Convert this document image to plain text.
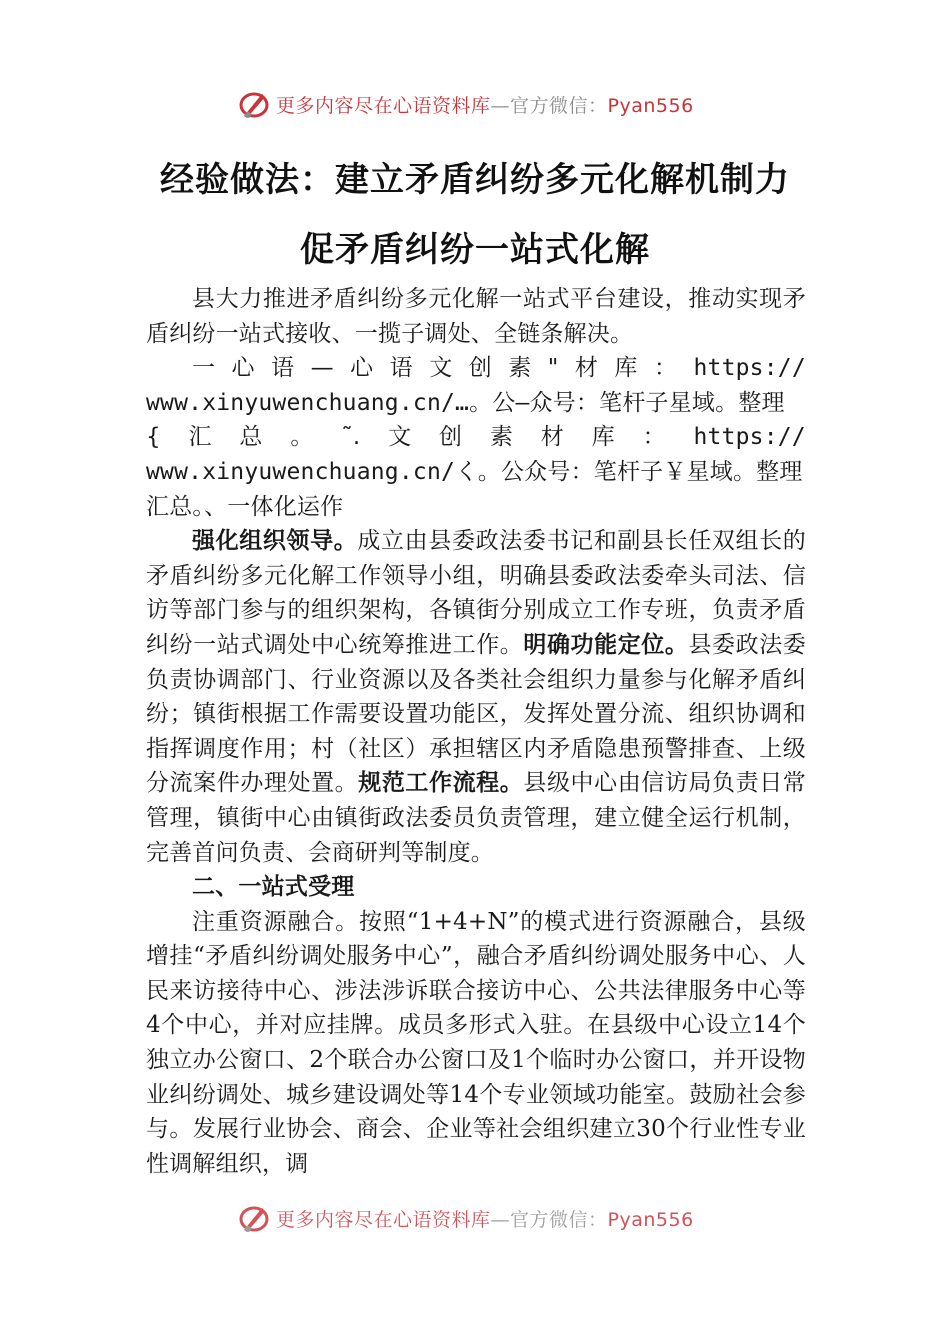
更多内容尽在心语资料库—官方微信：Pyan556
经验做法：建立矛盾纠纷多元化解机制力
促矛盾纠纷一站式化解

县大力推进矛盾纠纷多元化解一站式平台建设，推动实现矛盾纠纷一站式接收、一揽子调处、全链条解决。

一 心 语 — 心 语 文 创 素 " 材 库 ： https://

www.xinyuwenchuang.cn/…。公—众号：笔杆子星域。整理

{ 汇 总 。 ˜. 文 创 素 材 库 ： https://

www.xinyuwenchuang.cn/く。公众号：笔杆子￥星域。整理

汇总。、一体化运作

强化组织领导。成立由县委政法委书记和副县长任双组长的矛盾纠纷多元化解工作领导小组，明确县委政法委牵头司法、信访等部门参与的组织架构，各镇街分别成立工作专班，负责矛盾纠纷一站式调处中心统筹推进工作。明确功能定位。县委政法委负责协调部门、行业资源以及各类社会组织力量参与化解矛盾纠纷；镇街根据工作需要设置功能区，发挥处置分流、组织协调和指挥调度作用；村（社区）承担辖区内矛盾隐患预警排查、上级分流案件办理处置。规范工作流程。县级中心由信访局负责日常管理，镇街中心由镇街政法委员负责管理，建立健全运行机制，完善首问负责、会商研判等制度。

二、一站式受理

注重资源融合。按照“1+4+N”的模式进行资源融合，县级增挂“矛盾纠纷调处服务中心”，融合矛盾纠纷调处服务中心、人民来访接待中心、涉法涉诉联合接访中心、公共法律服务中心等4个中心，并对应挂牌。成员多形式入驻。在县级中心设立14个独立办公窗口、2个联合办公窗口及1个临时办公窗口，并开设物业纠纷调处、城乡建设调处等14个专业领域功能室。鼓励社会参与。发展行业协会、商会、企业等社会组织建立30个行业性专业性调解组织，调

更多内容尽在心语资料库—官方微信：Pyan556
